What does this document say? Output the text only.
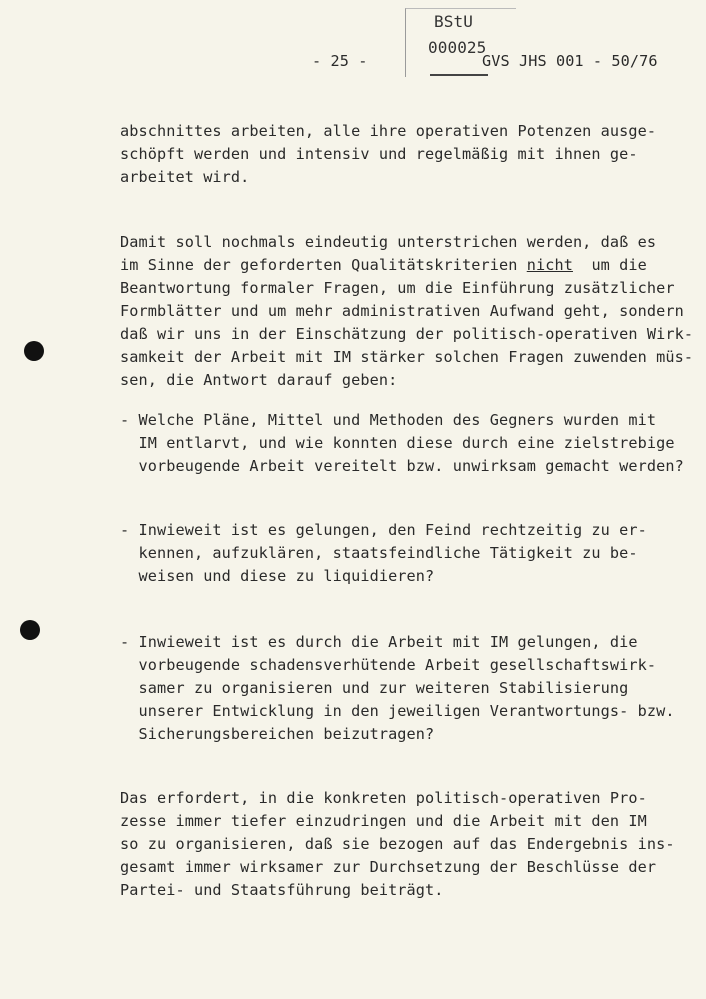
BStU
000025
- 25 -	GVS JHS 001 - 50/76
abschnittes arbeiten, alle ihre operativen Potenzen ausge-
schöpft werden und intensiv und regelmäßig mit ihnen ge-
arbeitet wird.
Damit soll nochmals eindeutig unterstrichen werden, daß es
im Sinne der geforderten Qualitätskriterien nicht  um die
Beantwortung formaler Fragen, um die Einführung zusätzlicher
Formblätter und um mehr administrativen Aufwand geht, sondern
daß wir uns in der Einschätzung der politisch-operativen Wirk-
samkeit der Arbeit mit IM stärker solchen Fragen zuwenden müs-
sen, die Antwort darauf geben:
- Welche Pläne, Mittel und Methoden des Gegners wurden mit
IM entlarvt, und wie konnten diese durch eine zielstrebige
vorbeugende Arbeit vereitelt bzw. unwirksam gemacht werden?
- Inwieweit ist es gelungen, den Feind rechtzeitig zu er-
kennen, aufzuklären, staatsfeindliche Tätigkeit zu be-
weisen und diese zu liquidieren?
- Inwieweit ist es durch die Arbeit mit IM gelungen, die
vorbeugende schadensverhütende Arbeit gesellschaftswirk-
samer zu organisieren und zur weiteren Stabilisierung
unserer Entwicklung in den jeweiligen Verantwortungs- bzw.
Sicherungsbereichen beizutragen?
Das erfordert, in die konkreten politisch-operativen Pro-
zesse immer tiefer einzudringen und die Arbeit mit den IM
so zu organisieren, daß sie bezogen auf das Endergebnis ins-
gesamt immer wirksamer zur Durchsetzung der Beschlüsse der
Partei- und Staatsführung beiträgt.
